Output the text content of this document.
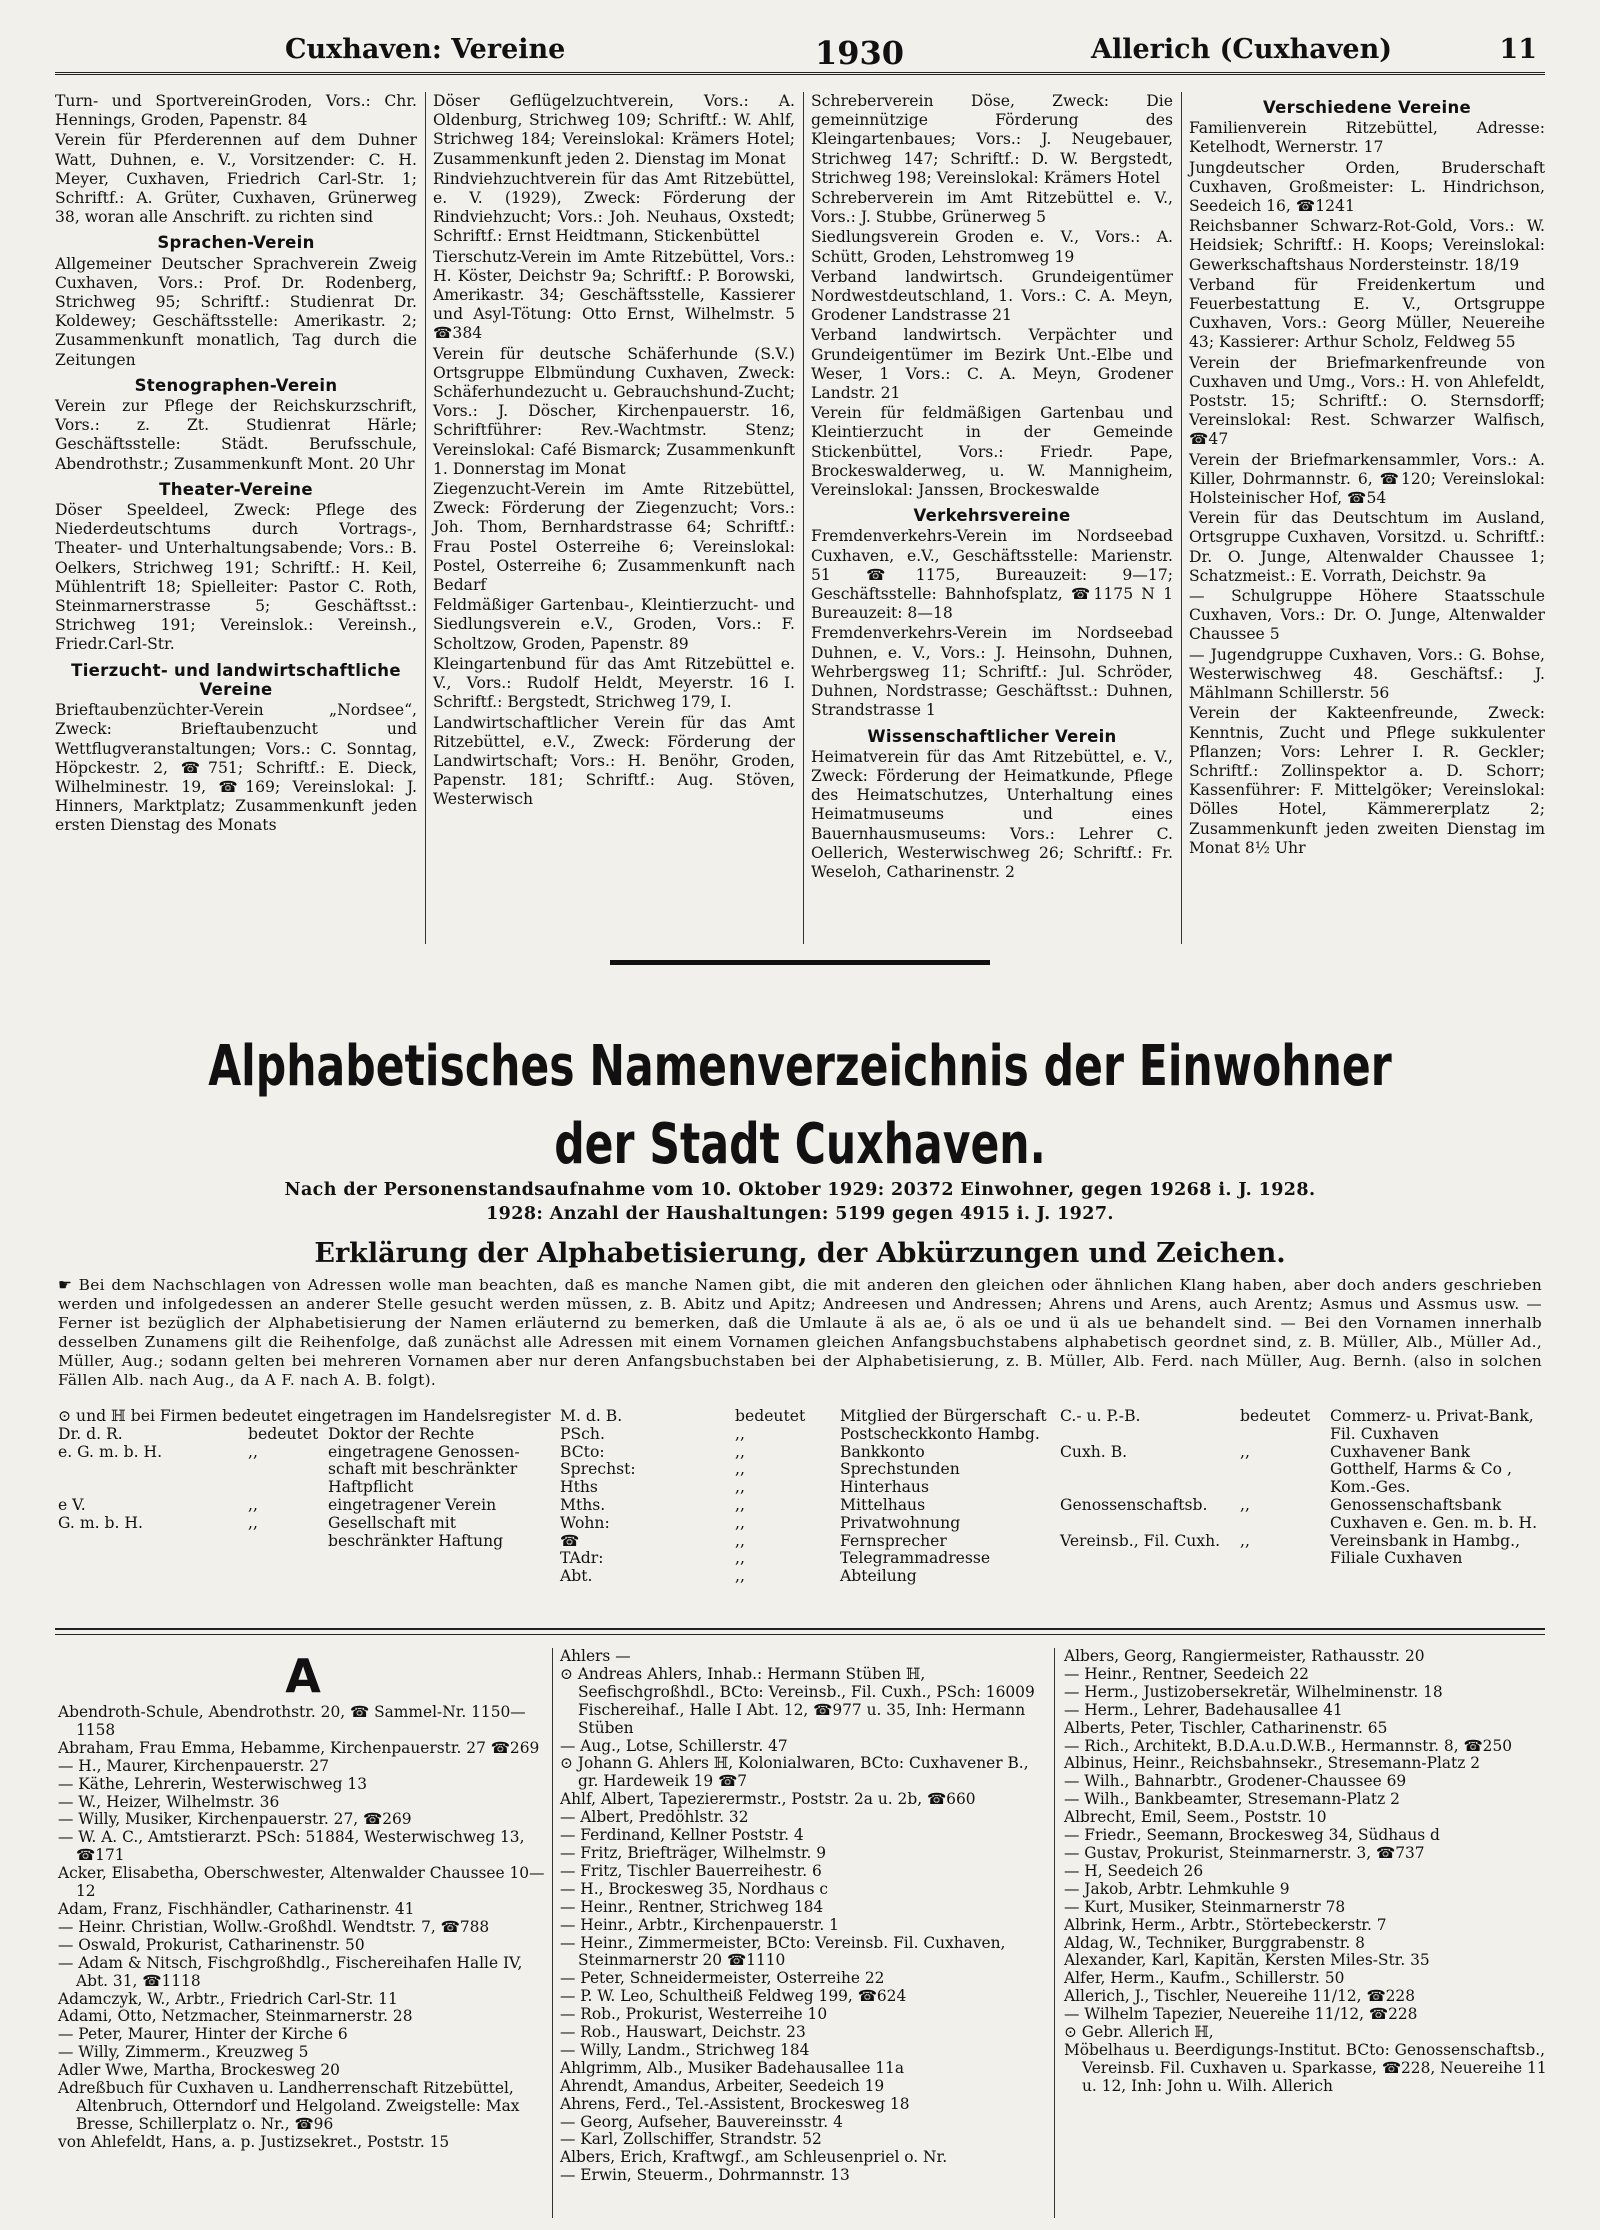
Cuxhaven: Vereine	1930	Allerich (Cuxhaven)	11

Turn- und SportvereinGroden, Vors.: Chr. Hennings, Groden, Papenstr. 84

Verein für Pferderennen auf dem Duhner Watt, Duhnen, e. V., Vorsitzender: C. H. Meyer, Cuxhaven, Friedrich Carl-Str. 1; Schriftf.: A. Grüter, Cuxhaven, Grünerweg 38, woran alle Anschrift. zu richten sind

Sprachen-Verein

Allgemeiner Deutscher Sprachverein Zweig Cuxhaven, Vors.: Prof. Dr. Rodenberg, Strichweg 95; Schriftf.: Studienrat Dr. Koldewey; Geschäftsstelle: Amerikastr. 2; Zusammenkunft monatlich, Tag durch die Zeitungen

Stenographen-Verein

Verein zur Pflege der Reichskurzschrift, Vors.: z. Zt. Studienrat Härle; Geschäftsstelle: Städt. Berufsschule, Abendrothstr.; Zusammenkunft Mont. 20 Uhr

Theater-Vereine

Döser Speeldeel, Zweck: Pflege des Niederdeutschtums durch Vortrags-, Theater- und Unterhaltungsabende; Vors.: B. Oelkers, Strichweg 191; Schriftf.: H. Keil, Mühlentrift 18; Spielleiter: Pastor C. Roth, Steinmarnerstrasse 5; Geschäftsst.: Strichweg 191; Vereinslok.: Vereinsh., Friedr.Carl-Str.

Tierzucht- und landwirtschaftliche Vereine

Brieftaubenzüchter-Verein „Nordsee“, Zweck: Brieftaubenzucht und Wettflugveranstaltungen; Vors.: C. Sonntag, Höpckestr. 2, ☎751; Schriftf.: E. Dieck, Wilhelminestr. 19, ☎169; Vereinslokal: J. Hinners, Marktplatz; Zusammenkunft jeden ersten Dienstag des Monats

Döser Geflügelzuchtverein, Vors.: A. Oldenburg, Strichweg 109; Schriftf.: W. Ahlf, Strichweg 184; Vereinslokal: Krämers Hotel; Zusammenkunft jeden 2. Dienstag im Monat

Rindviehzuchtverein für das Amt Ritzebüttel, e. V. (1929), Zweck: Förderung der Rindviehzucht; Vors.: Joh. Neuhaus, Oxstedt; Schriftf.: Ernst Heidtmann, Stickenbüttel

Tierschutz-Verein im Amte Ritzebüttel, Vors.: H. Köster, Deichstr 9a; Schriftf.: P. Borowski, Amerikastr. 34; Geschäftsstelle, Kassierer und Asyl-Tötung: Otto Ernst, Wilhelmstr. 5 ☎384

Verein für deutsche Schäferhunde (S.V.) Ortsgruppe Elbmündung Cuxhaven, Zweck: Schäferhundezucht u. Gebrauchshund-Zucht; Vors.: J. Döscher, Kirchenpauerstr. 16, Schriftführer: Rev.-Wachtmstr. Stenz; Vereinslokal: Café Bismarck; Zusammenkunft 1. Donnerstag im Monat

Ziegenzucht-Verein im Amte Ritzebüttel, Zweck: Förderung der Ziegenzucht; Vors.: Joh. Thom, Bernhardstrasse 64; Schriftf.: Frau Postel Osterreihe 6; Vereinslokal: Postel, Osterreihe 6; Zusammenkunft nach Bedarf

Feldmäßiger Gartenbau-, Kleintierzucht- und Siedlungsverein e.V., Groden, Vors.: F. Scholtzow, Groden, Papenstr. 89

Kleingartenbund für das Amt Ritzebüttel e. V., Vors.: Rudolf Heldt, Meyerstr. 16 I. Schriftf.: Bergstedt, Strichweg 179, I.

Landwirtschaftlicher Verein für das Amt Ritzebüttel, e.V., Zweck: Förderung der Landwirtschaft; Vors.: H. Benöhr, Groden, Papenstr. 181; Schriftf.: Aug. Stöven, Westerwisch

Schreberverein Döse, Zweck: Die gemeinnützige Förderung des Kleingartenbaues; Vors.: J. Neugebauer, Strichweg 147; Schriftf.: D. W. Bergstedt, Strichweg 198; Vereinslokal: Krämers Hotel

Schreberverein im Amt Ritzebüttel e. V., Vors.: J. Stubbe, Grünerweg 5

Siedlungsverein Groden e. V., Vors.: A. Schütt, Groden, Lehstromweg 19

Verband landwirtsch. Grundeigentümer Nordwestdeutschland, 1. Vors.: C. A. Meyn, Grodener Landstrasse 21

Verband landwirtsch. Verpächter und Grundeigentümer im Bezirk Unt.-Elbe und Weser, 1 Vors.: C. A. Meyn, Grodener Landstr. 21

Verein für feldmäßigen Gartenbau und Kleintierzucht in der Gemeinde Stickenbüttel, Vors.: Friedr. Pape, Brockeswalderweg, u. W. Mannigheim, Vereinslokal: Janssen, Brockeswalde

Verkehrsvereine

Fremdenverkehrs-Verein im Nordseebad Cuxhaven, e.V., Geschäftsstelle: Marienstr. 51 ☎1175, Bureauzeit: 9—17; Geschäftsstelle: Bahnhofsplatz, ☎1175 N 1 Bureauzeit: 8—18

Fremdenverkehrs-Verein im Nordseebad Duhnen, e. V., Vors.: J. Heinsohn, Duhnen, Wehrbergsweg 11; Schriftf.: Jul. Schröder, Duhnen, Nordstrasse; Geschäftsst.: Duhnen, Strandstrasse 1

Wissenschaftlicher Verein

Heimatverein für das Amt Ritzebüttel, e. V., Zweck: Förderung der Heimatkunde, Pflege des Heimatschutzes, Unterhaltung eines Heimatmuseums und eines Bauernhausmuseums: Vors.: Lehrer C. Oellerich, Westerwischweg 26; Schriftf.: Fr. Weseloh, Catharinenstr. 2

Verschiedene Vereine

Familienverein Ritzebüttel, Adresse: Ketelhodt, Wernerstr. 17

Jungdeutscher Orden, Bruderschaft Cuxhaven, Großmeister: L. Hindrichson, Seedeich 16, ☎1241

Reichsbanner Schwarz-Rot-Gold, Vors.: W. Heidsiek; Schriftf.: H. Koops; Vereinslokal: Gewerkschaftshaus Nordersteinstr. 18/19

Verband für Freidenkertum und Feuerbestattung E. V., Ortsgruppe Cuxhaven, Vors.: Georg Müller, Neuereihe 43; Kassierer: Arthur Scholz, Feldweg 55

Verein der Briefmarkenfreunde von Cuxhaven und Umg., Vors.: H. von Ahlefeldt, Poststr. 15; Schriftf.: O. Sternsdorff; Vereinslokal: Rest. Schwarzer Walfisch, ☎47

Verein der Briefmarkensammler, Vors.: A. Killer, Dohrmannstr. 6, ☎120; Vereinslokal: Holsteinischer Hof, ☎54

Verein für das Deutschtum im Ausland, Ortsgruppe Cuxhaven, Vorsitzd. u. Schriftf.: Dr. O. Junge, Altenwalder Chaussee 1; Schatzmeist.: E. Vorrath, Deichstr. 9a

— Schulgruppe Höhere Staatsschule Cuxhaven, Vors.: Dr. O. Junge, Altenwalder Chaussee 5

— Jugendgruppe Cuxhaven, Vors.: G. Bohse, Westerwischweg 48. Geschäftsf.: J. Mählmann Schillerstr. 56

Verein der Kakteenfreunde, Zweck: Kenntnis, Zucht und Pflege sukkulenter Pflanzen; Vors: Lehrer I. R. Geckler; Schriftf.: Zollinspektor a. D. Schorr; Kassenführer: F. Mittelgöker; Vereinslokal: Dölles Hotel, Kämmererplatz 2; Zusammenkunft jeden zweiten Dienstag im Monat 8½ Uhr

Alphabetisches Namenverzeichnis der Einwohner
der Stadt Cuxhaven.
Nach der Personenstandsaufnahme vom 10. Oktober 1929: 20372 Einwohner, gegen 19268 i. J. 1928.
1928: Anzahl der Haushaltungen: 5199 gegen 4915 i. J. 1927.
Erklärung der Alphabetisierung, der Abkürzungen und Zeichen.
☛ Bei dem Nachschlagen von Adressen wolle man beachten, daß es manche Namen gibt, die mit anderen den gleichen oder ähnlichen Klang haben, aber doch anders geschrieben werden und infolgedessen an anderer Stelle gesucht werden müssen, z. B. Abitz und Apitz; Andreesen und Andressen; Ahrens und Arens, auch Arentz; Asmus und Assmus usw. — Ferner ist bezüglich der Alphabetisierung der Namen erläuternd zu bemerken, daß die Umlaute ä als ae, ö als oe und ü als ue behandelt sind. — Bei den Vornamen innerhalb desselben Zunamens gilt die Reihenfolge, daß zunächst alle Adressen mit einem Vornamen gleichen Anfangsbuchstabens alphabetisch geordnet sind, z. B. Müller, Alb., Müller Ad., Müller, Aug.; sodann gelten bei mehreren Vornamen aber nur deren Anfangsbuchstaben bei der Alphabetisierung, z. B. Müller, Alb. Ferd. nach Müller, Aug. Bernh. (also in solchen Fällen Alb. nach Aug., da A F. nach A. B. folgt).
⊙ und ℍ bei Firmen bedeutet eingetragen im Handelsregister
Dr. d. R.	bedeutet Doktor der Rechte
e. G. m. b. H.	,,	eingetragene Genossen-
schaft mit beschränkter
Haftpflicht
e V.	,,	eingetragener Verein
G. m. b. H.	,,	Gesellschaft mit
beschränkter Haftung
M. d. B.	bedeutet Mitglied der Bürgerschaft
PSch.	,,	Postscheckkonto Hambg.
BCto:	,,	Bankkonto
Sprechst:	,,	Sprechstunden
Hths	,,	Hinterhaus
Mths.	,,	Mittelhaus
Wohn:	,,	Privatwohnung
☎	,,	Fernsprecher
TAdr:	,,	Telegrammadresse
Abt.	,,	Abteilung
C.- u. P.-B.	bedeutet Commerz- u. Privat-Bank,
Fil. Cuxhaven
Cuxh. B.	,,	Cuxhavener Bank
Gotthelf, Harms & Co ,
Kom.-Ges.
Genossenschaftsb. ,,	Genossenschaftsbank
Cuxhaven e. Gen. m. b. H.
Vereinsb., Fil. Cuxh. ,,	Vereinsbank in Hambg.,
Filiale Cuxhaven
A

Abendroth-Schule, Abendrothstr. 20, ☎ Sammel-Nr. 1150—1158

Abraham, Frau Emma, Hebamme, Kirchenpauerstr. 27 ☎269

— H., Maurer, Kirchenpauerstr. 27

— Käthe, Lehrerin, Westerwischweg 13

— W., Heizer, Wilhelmstr. 36

— Willy, Musiker, Kirchenpauerstr. 27, ☎269

— W. A. C., Amtstierarzt. PSch: 51884, Westerwischweg 13, ☎171

Acker, Elisabetha, Oberschwester, Altenwalder Chaussee 10—12

Adam, Franz, Fischhändler, Catharinenstr. 41

— Heinr. Christian, Wollw.-Großhdl. Wendtstr. 7, ☎788

— Oswald, Prokurist, Catharinenstr. 50

— Adam & Nitsch, Fischgroßhdlg., Fischereihafen Halle IV, Abt. 31, ☎1118

Adamczyk, W., Arbtr., Friedrich Carl-Str. 11

Adami, Otto, Netzmacher, Steinmarnerstr. 28

— Peter, Maurer, Hinter der Kirche 6

— Willy, Zimmerm., Kreuzweg 5

Adler Wwe, Martha, Brockesweg 20

Adreßbuch für Cuxhaven u. Landherrenschaft Ritzebüttel, Altenbruch, Otterndorf und Helgoland. Zweigstelle: Max Bresse, Schillerplatz o. Nr., ☎96

von Ahlefeldt, Hans, a. p. Justizsekret., Poststr. 15

Ahlers —

⊙ Andreas Ahlers, Inhab.: Hermann Stüben ℍ, Seefischgroßhdl., BCto: Vereinsb., Fil. Cuxh., PSch: 16009 Fischereihaf., Halle I Abt. 12, ☎977 u. 35, Inh: Hermann Stüben

— Aug., Lotse, Schillerstr. 47

⊙ Johann G. Ahlers ℍ, Kolonialwaren, BCto: Cuxhavener B., gr. Hardeweik 19 ☎7

Ahlf, Albert, Tapezierermstr., Poststr. 2a u. 2b, ☎660

— Albert, Predöhlstr. 32

— Ferdinand, Kellner Poststr. 4

— Fritz, Briefträger, Wilhelmstr. 9

— Fritz, Tischler Bauerreihestr. 6

— H., Brockesweg 35, Nordhaus c

— Heinr., Rentner, Strichweg 184

— Heinr., Arbtr., Kirchenpauerstr. 1

— Heinr., Zimmermeister, BCto: Vereinsb. Fil. Cuxhaven, Steinmarnerstr 20 ☎1110

— Peter, Schneidermeister, Osterreihe 22

— P. W. Leo, Schultheiß Feldweg 199, ☎624

— Rob., Prokurist, Westerreihe 10

— Rob., Hauswart, Deichstr. 23

— Willy, Landm., Strichweg 184

Ahlgrimm, Alb., Musiker Badehausallee 11a

Ahrendt, Amandus, Arbeiter, Seedeich 19

Ahrens, Ferd., Tel.-Assistent, Brockesweg 18

— Georg, Aufseher, Bauvereinsstr. 4

— Karl, Zollschiffer, Strandstr. 52

Albers, Erich, Kraftwgf., am Schleusenpriel o. Nr.

— Erwin, Steuerm., Dohrmannstr. 13

Albers, Georg, Rangiermeister, Rathausstr. 20

— Heinr., Rentner, Seedeich 22

— Herm., Justizobersekretär, Wilhelminenstr. 18

— Herm., Lehrer, Badehausallee 41

Alberts, Peter, Tischler, Catharinenstr. 65

— Rich., Architekt, B.D.A.u.D.W.B., Hermannstr. 8, ☎250

Albinus, Heinr., Reichsbahnsekr., Stresemann-Platz 2

— Wilh., Bahnarbtr., Grodener-Chaussee 69

— Wilh., Bankbeamter, Stresemann-Platz 2

Albrecht, Emil, Seem., Poststr. 10

— Friedr., Seemann, Brockesweg 34, Südhaus d

— Gustav, Prokurist, Steinmarnerstr. 3, ☎737

— H, Seedeich 26

— Jakob, Arbtr. Lehmkuhle 9

— Kurt, Musiker, Steinmarnerstr 78

Albrink, Herm., Arbtr., Störtebeckerstr. 7

Aldag, W., Techniker, Burggrabenstr. 8

Alexander, Karl, Kapitän, Kersten Miles-Str. 35

Alfer, Herm., Kaufm., Schillerstr. 50

Allerich, J., Tischler, Neuereihe 11/12, ☎228

— Wilhelm Tapezier, Neuereihe 11/12, ☎228

⊙ Gebr. Allerich ℍ,

Möbelhaus u. Beerdigungs-Institut. BCto: Genossenschaftsb., Vereinsb. Fil. Cuxhaven u. Sparkasse, ☎228, Neuereihe 11 u. 12, Inh: John u. Wilh. Allerich
